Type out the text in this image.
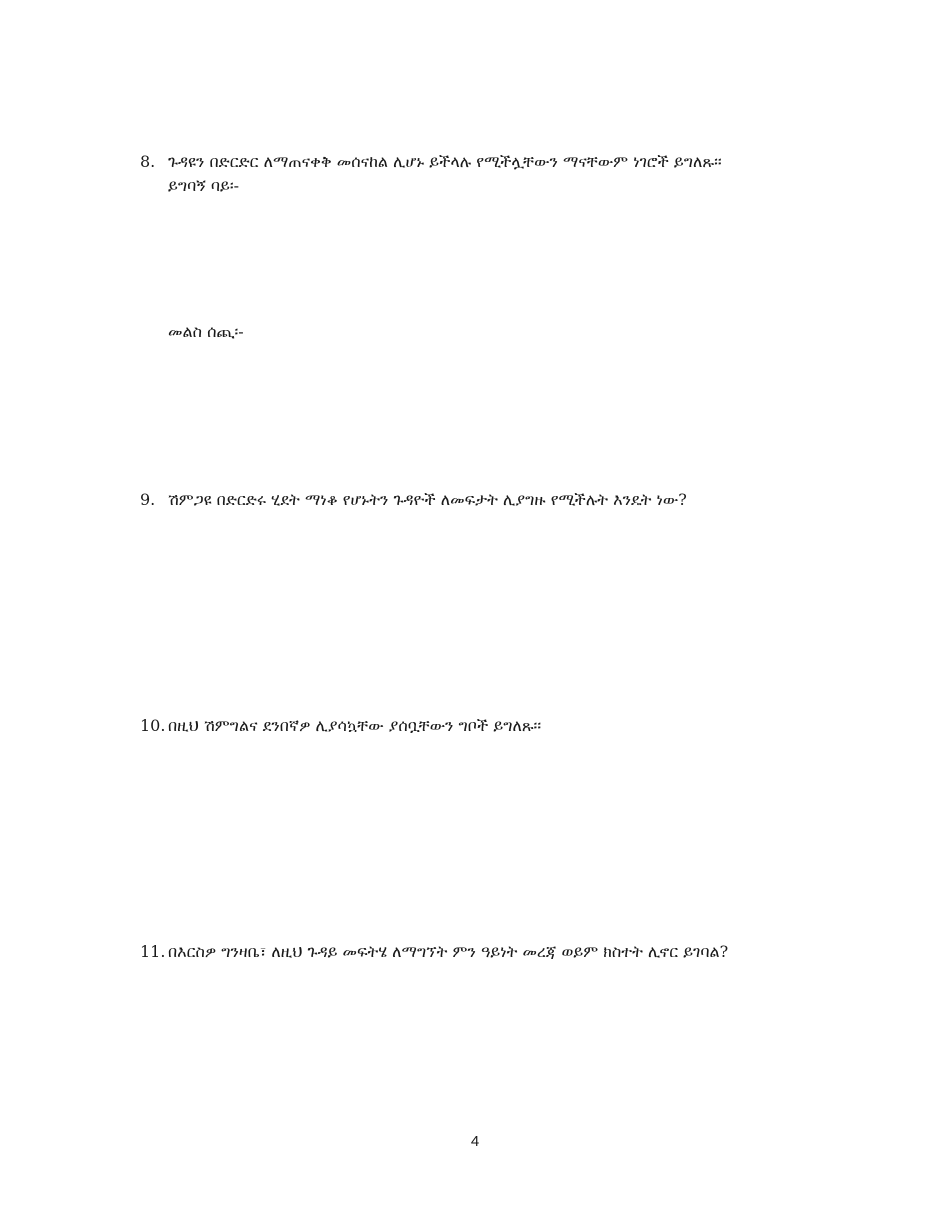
8. ጉዳዩን በድርድር ለማጠናቀቅ መሰናከል ሊሆኑ ይችላሉ የሚችሏቸውን ማናቸውም ነገሮች ይግለጹ፡፡
ይግባኝ ባይ፡-
መልስ ሰጪ፡-
9. ሽምጋዩ በድርድሩ ሂደት ማነቆ የሆኑትን ጉዳዮች ለመፍታት ሊያግዙ የሚችሉት እንዴት ነው?
10. በዚህ ሽምግልና ደንበኛዎ ሊያሳኳቸው ያሰቧቸውን ግቦች ይግለጹ፡፡
11. በእርስዎ ግንዛቤ፣ ለዚህ ጉዳይ መፍትሄ ለማግኘት ምን ዓይነት መረጃ ወይም ክስተት ሊኖር ይገባል?
4
